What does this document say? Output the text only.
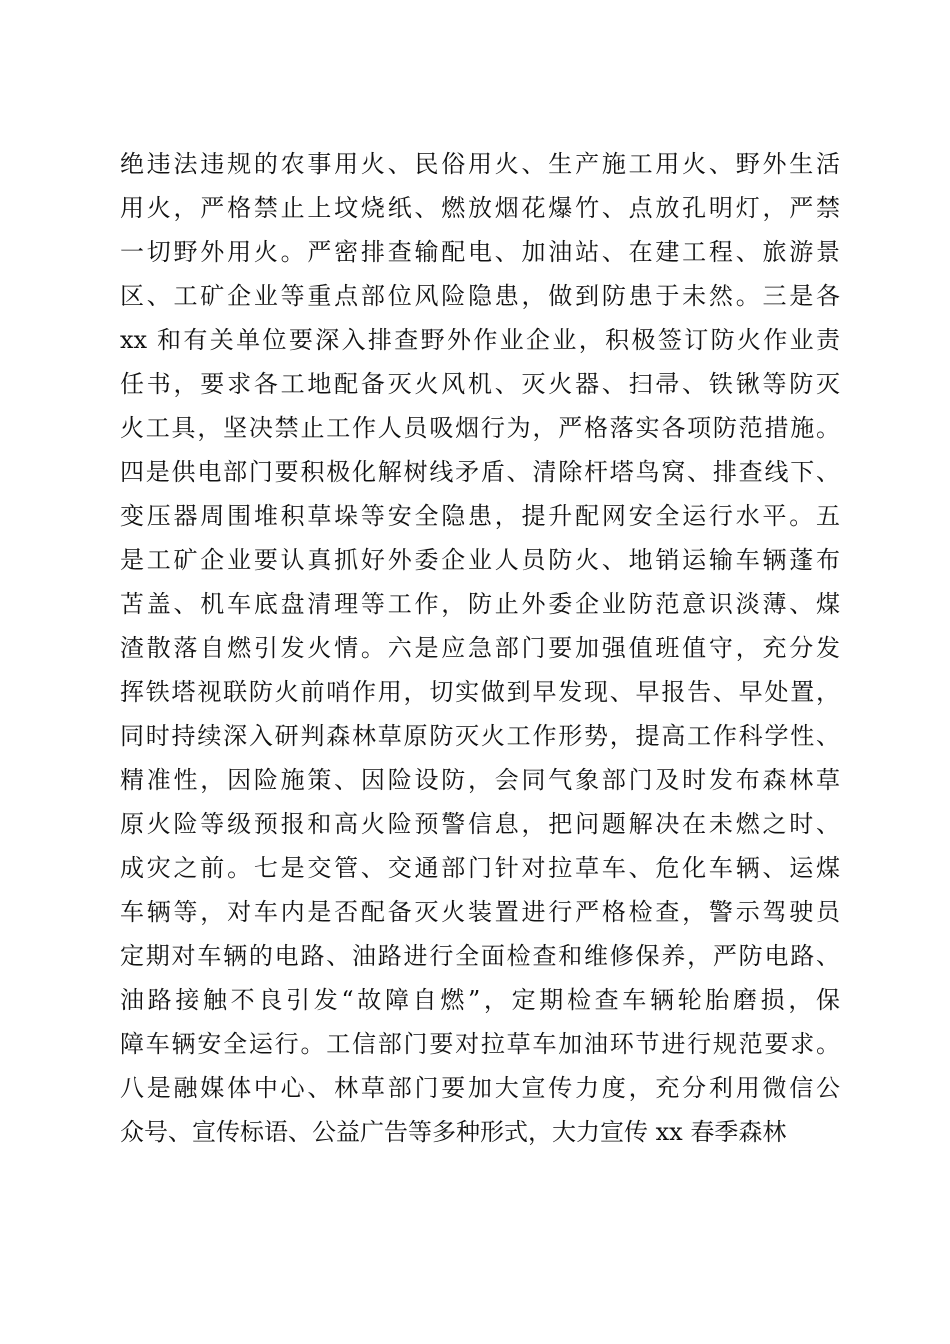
绝违法违规的农事用火、民俗用火、生产施工用火、野外生活
用火，严格禁止上坟烧纸、燃放烟花爆竹、点放孔明灯，严禁
一切野外用火。严密排查输配电、加油站、在建工程、旅游景
区、工矿企业等重点部位风险隐患，做到防患于未然。三是各
xx 和有关单位要深入排查野外作业企业，积极签订防火作业责
任书，要求各工地配备灭火风机、灭火器、扫帚、铁锹等防灭
火工具，坚决禁止工作人员吸烟行为，严格落实各项防范措施。
四是供电部门要积极化解树线矛盾、清除杆塔鸟窝、排查线下、
变压器周围堆积草垛等安全隐患，提升配网安全运行水平。五
是工矿企业要认真抓好外委企业人员防火、地销运输车辆蓬布
苫盖、机车底盘清理等工作，防止外委企业防范意识淡薄、煤
渣散落自燃引发火情。六是应急部门要加强值班值守，充分发
挥铁塔视联防火前哨作用，切实做到早发现、早报告、早处置，
同时持续深入研判森林草原防灭火工作形势，提高工作科学性、
精准性，因险施策、因险设防，会同气象部门及时发布森林草
原火险等级预报和高火险预警信息，把问题解决在未燃之时、
成灾之前。七是交管、交通部门针对拉草车、危化车辆、运煤
车辆等，对车内是否配备灭火装置进行严格检查，警示驾驶员
定期对车辆的电路、油路进行全面检查和维修保养，严防电路、
油路接触不良引发“故障自燃”，定期检查车辆轮胎磨损，保
障车辆安全运行。工信部门要对拉草车加油环节进行规范要求。
八是融媒体中心、林草部门要加大宣传力度，充分利用微信公
众号、宣传标语、公益广告等多种形式，大力宣传 xx 春季森林
